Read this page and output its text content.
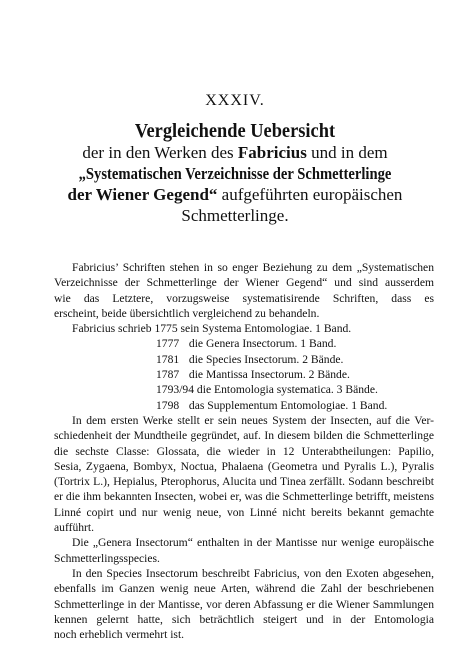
XXXIV.
Vergleichende Uebersicht
der in den Werken des Fabricius und in dem
„Systematischen Verzeichnisse der Schmetterlinge
der Wiener Gegend“ aufgeführten europäischen
Schmetterlinge.
Fabricius’ Schriften stehen in so enger Beziehung zu dem „Systematischen
Verzeichnisse der Schmetterlinge der Wiener Gegend“ und sind ausserdem
wie das Letztere, vorzugsweise systematisirende Schriften, dass es
erscheint, beide übersichtlich vergleichend zu behandeln.
Fabricius schrieb 1775 sein Systema Entomologiae. 1 Band.
1777 die Genera Insectorum. 1 Band.
1781 die Species Insectorum. 2 Bände.
1787 die Mantissa Insectorum. 2 Bände.
1793/94 die Entomologia systematica. 3 Bände.
1798 das Supplementum Entomologiae. 1 Band.
In dem ersten Werke stellt er sein neues System der Insecten, auf die Ver-
schiedenheit der Mundtheile gegründet, auf. In diesem bilden die Schmetterlinge
die sechste Classe: Glossata, die wieder in 12 Unterabtheilungen: Papilio,
Sesia, Zygaena, Bombyx, Noctua, Phalaena (Geometra und Pyralis L.), Pyralis
(Tortrix L.), Hepialus, Pterophorus, Alucita und Tinea zerfällt. Sodann beschreibt
er die ihm bekannten Insecten, wobei er, was die Schmetterlinge betrifft, meistens
Linné copirt und nur wenig neue, von Linné nicht bereits bekannt gemachte
aufführt.
Die „Genera Insectorum“ enthalten in der Mantisse nur wenige europäische
Schmetterlingsspecies.
In den Species Insectorum beschreibt Fabricius, von den Exoten abgesehen,
ebenfalls im Ganzen wenig neue Arten, während die Zahl der beschriebenen
Schmetterlinge in der Mantisse, vor deren Abfassung er die Wiener Sammlungen
kennen gelernt hatte, sich beträchtlich steigert und in der Entomologia
noch erheblich vermehrt ist.
